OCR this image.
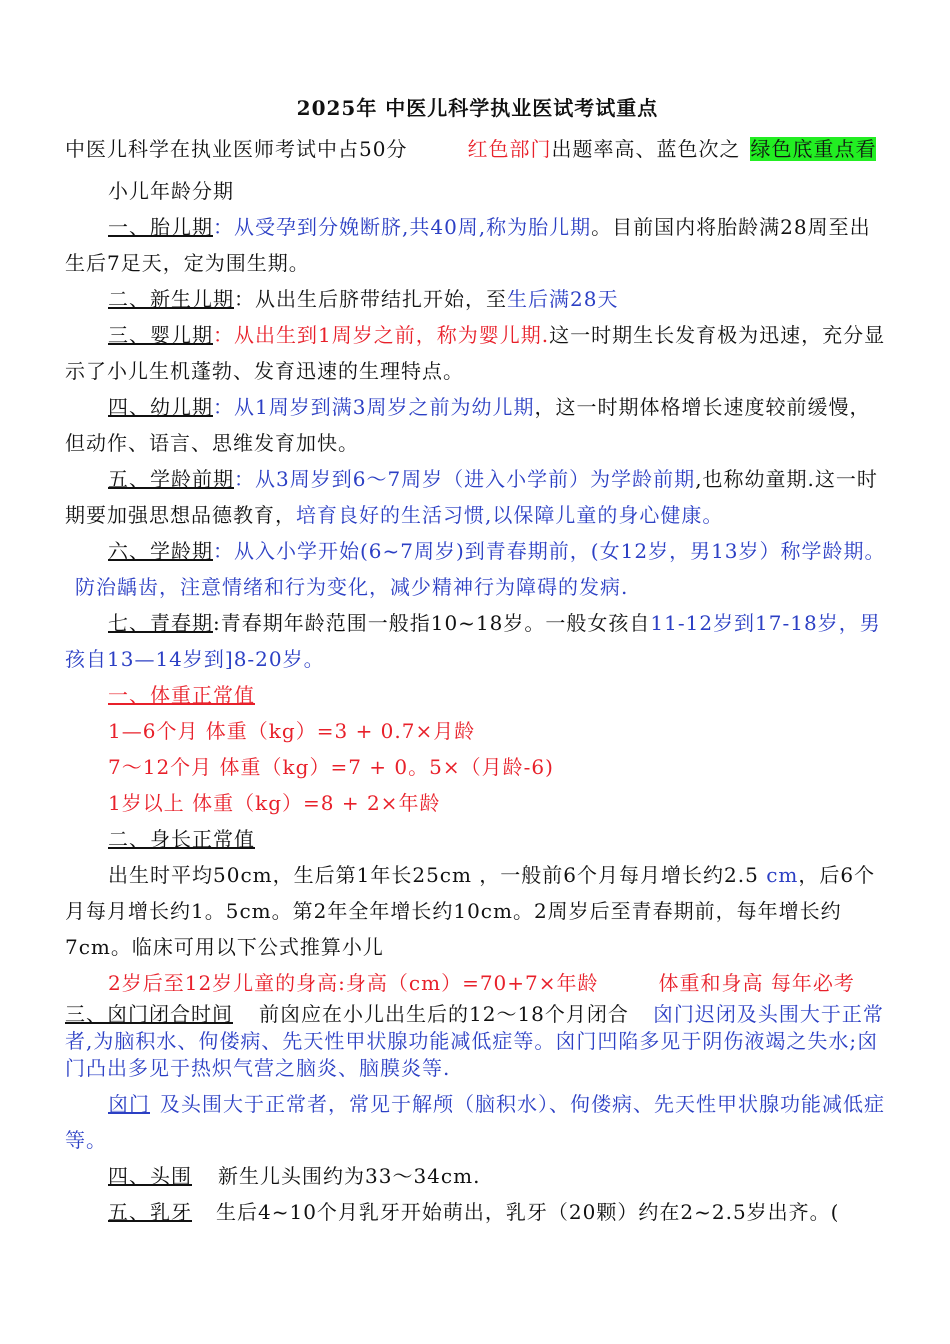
2025年 中医儿科学执业医试考试重点

中医儿科学在执业医师考试中占50分	红色部门出题率高、蓝色次之 绿色底重点看

小儿年龄分期

一、胎儿期：从受孕到分娩断脐,共40周,称为胎儿期。目前国内将胎龄满28周至出生后7足天，定为围生期。

二、新生儿期：从出生后脐带结扎开始，至生后满28天

三、婴儿期：从出生到1周岁之前，称为婴儿期.这一时期生长发育极为迅速，充分显示了小儿生机蓬勃、发育迅速的生理特点。

四、幼儿期：从1周岁到满3周岁之前为幼儿期，这一时期体格增长速度较前缓慢，但动作、语言、思维发育加快。

五、学龄前期：从3周岁到6～7周岁（进入小学前）为学龄前期,也称幼童期.这一时期要加强思想品德教育，培育良好的生活习惯,以保障儿童的身心健康。

六、学龄期：从入小学开始(6~7周岁)到青春期前，(女12岁，男13岁）称学龄期。防治龋齿，注意情绪和行为变化，减少精神行为障碍的发病.

七、青春期:青春期年龄范围一般指10~18岁。一般女孩自11-12岁到17-18岁，男孩自13—14岁到]8-20岁。

一、体重正常值

1—6个月 体重（kg）=3 + 0.7×月龄

7～12个月 体重（kg）=7 + 0。5×（月龄-6)

1岁以上 体重（kg）=8 + 2×年龄

二、身长正常值

出生时平均50cm，生后第1年长25cm ，一般前6个月每月增长约2.5 cm，后6个月每月增长约1。5cm。第2年全年增长约10cm。2周岁后至青春期前，每年增长约7cm。临床可用以下公式推算小儿

2岁后至12岁儿童的身高:身高（cm）=70+7×年龄	体重和身高 每年必考

三、囟门闭合时间 前囟应在小儿出生后的12～18个月闭合 囟门迟闭及头围大于正常者,为脑积水、佝偻病、先天性甲状腺功能减低症等。囟门凹陷多见于阴伤液竭之失水;囟门凸出多见于热炽气营之脑炎、脑膜炎等.

囟门 及头围大于正常者，常见于解颅（脑积水）、佝偻病、先天性甲状腺功能减低症等。

四、头围 新生儿头围约为33～34cm.

五、乳牙 生后4~10个月乳牙开始萌出，乳牙（20颗）约在2~2.5岁出齐。(
